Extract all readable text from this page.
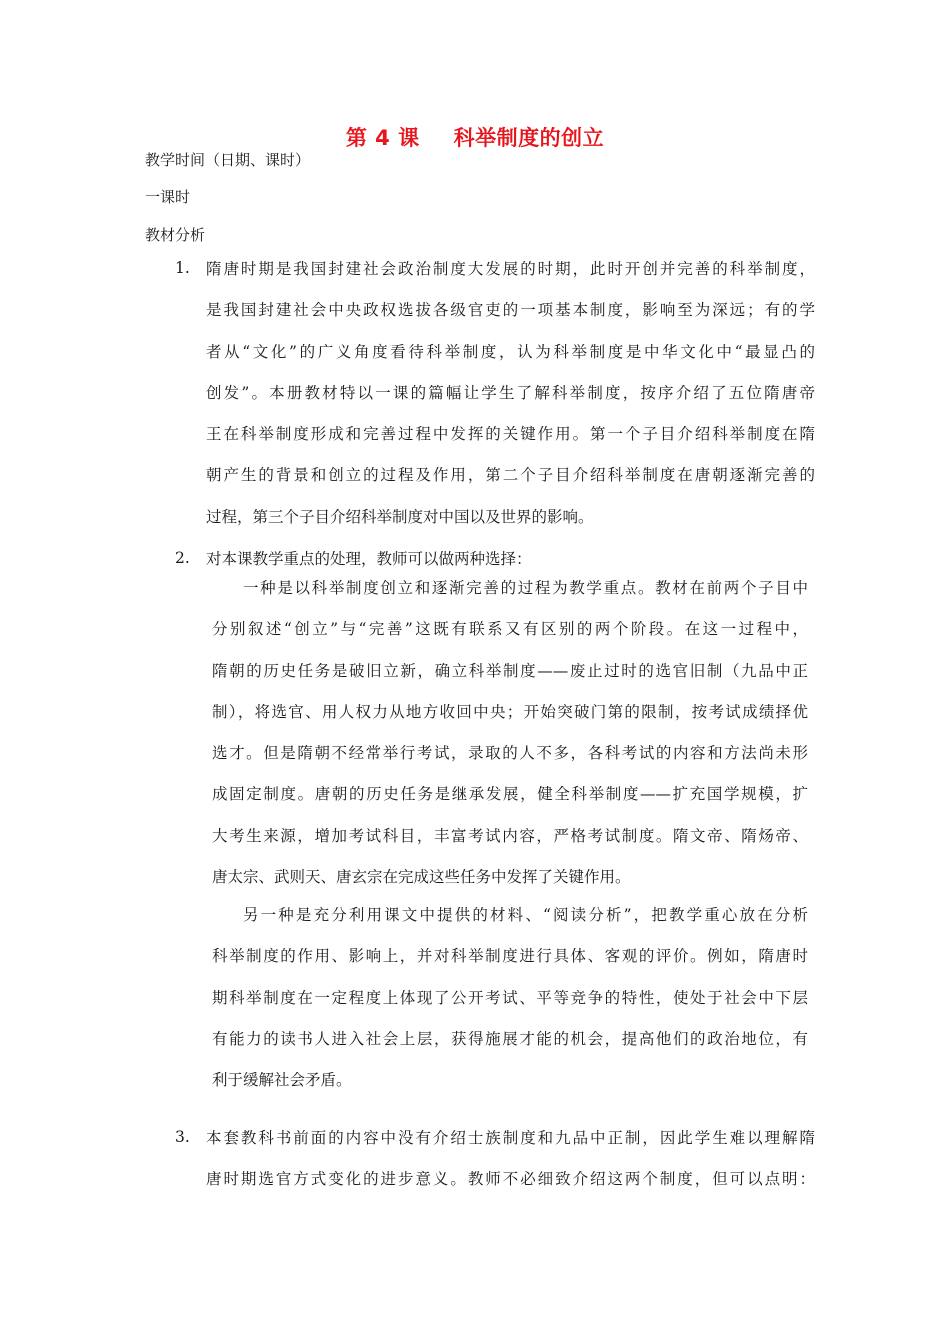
第 4 课 科举制度的创立
教学时间（日期、课时）
一课时
教材分析
1.	隋唐时期是我国封建社会政治制度大发展的时期，此时开创并完善的科举制度，
是我国封建社会中央政权选拔各级官吏的一项基本制度，影响至为深远；有的学
者从“文化”的广义角度看待科举制度，认为科举制度是中华文化中“最显凸的
创发”。本册教材特以一课的篇幅让学生了解科举制度，按序介绍了五位隋唐帝
王在科举制度形成和完善过程中发挥的关键作用。第一个子目介绍科举制度在隋
朝产生的背景和创立的过程及作用，第二个子目介绍科举制度在唐朝逐渐完善的
过程，第三个子目介绍科举制度对中国以及世界的影响。
2.	对本课教学重点的处理，教师可以做两种选择：
一种是以科举制度创立和逐渐完善的过程为教学重点。教材在前两个子目中
分别叙述“创立”与“完善”这既有联系又有区别的两个阶段。在这一过程中，
隋朝的历史任务是破旧立新，确立科举制度——废止过时的选官旧制（九品中正
制），将选官、用人权力从地方收回中央；开始突破门第的限制，按考试成绩择优
选才。但是隋朝不经常举行考试，录取的人不多，各科考试的内容和方法尚未形
成固定制度。唐朝的历史任务是继承发展，健全科举制度——扩充国学规模，扩
大考生来源，增加考试科目，丰富考试内容，严格考试制度。隋文帝、隋炀帝、
唐太宗、武则天、唐玄宗在完成这些任务中发挥了关键作用。
另一种是充分利用课文中提供的材料、“阅读分析”，把教学重心放在分析
科举制度的作用、影响上，并对科举制度进行具体、客观的评价。例如，隋唐时
期科举制度在一定程度上体现了公开考试、平等竞争的特性，使处于社会中下层
有能力的读书人进入社会上层，获得施展才能的机会，提高他们的政治地位，有
利于缓解社会矛盾。
3.	本套教科书前面的内容中没有介绍士族制度和九品中正制，因此学生难以理解隋
唐时期选官方式变化的进步意义。教师不必细致介绍这两个制度，但可以点明：
